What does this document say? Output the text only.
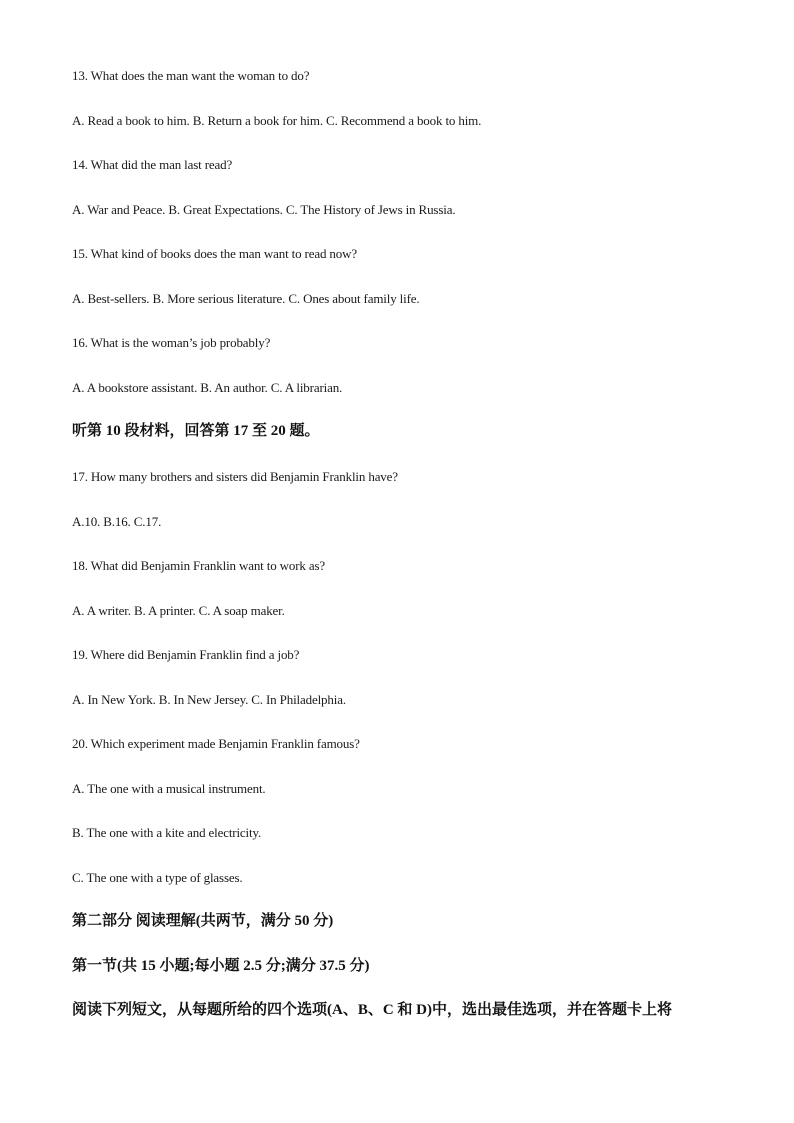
13. What does the man want the woman to do?
A. Read a book to him. B. Return a book for him. C. Recommend a book to him.
14. What did the man last read?
A. War and Peace. B. Great Expectations. C. The History of Jews in Russia.
15. What kind of books does the man want to read now?
A. Best-sellers. B. More serious literature. C. Ones about family life.
16. What is the woman’s job probably?
A. A bookstore assistant. B. An author. C. A librarian.
听第 10 段材料，回答第 17 至 20 题。
17. How many brothers and sisters did Benjamin Franklin have?
A.10. B.16. C.17.
18. What did Benjamin Franklin want to work as?
A. A writer. B. A printer. C. A soap maker.
19. Where did Benjamin Franklin find a job?
A. In New York. B. In New Jersey. C. In Philadelphia.
20. Which experiment made Benjamin Franklin famous?
A. The one with a musical instrument.
B. The one with a kite and electricity.
C. The one with a type of glasses.
第二部分 阅读理解(共两节，满分 50 分)
第一节(共 15 小题;每小题 2.5 分;满分 37.5 分)
阅读下列短文，从每题所给的四个选项(A、B、C 和 D)中，选出最佳选项，并在答题卡上将
